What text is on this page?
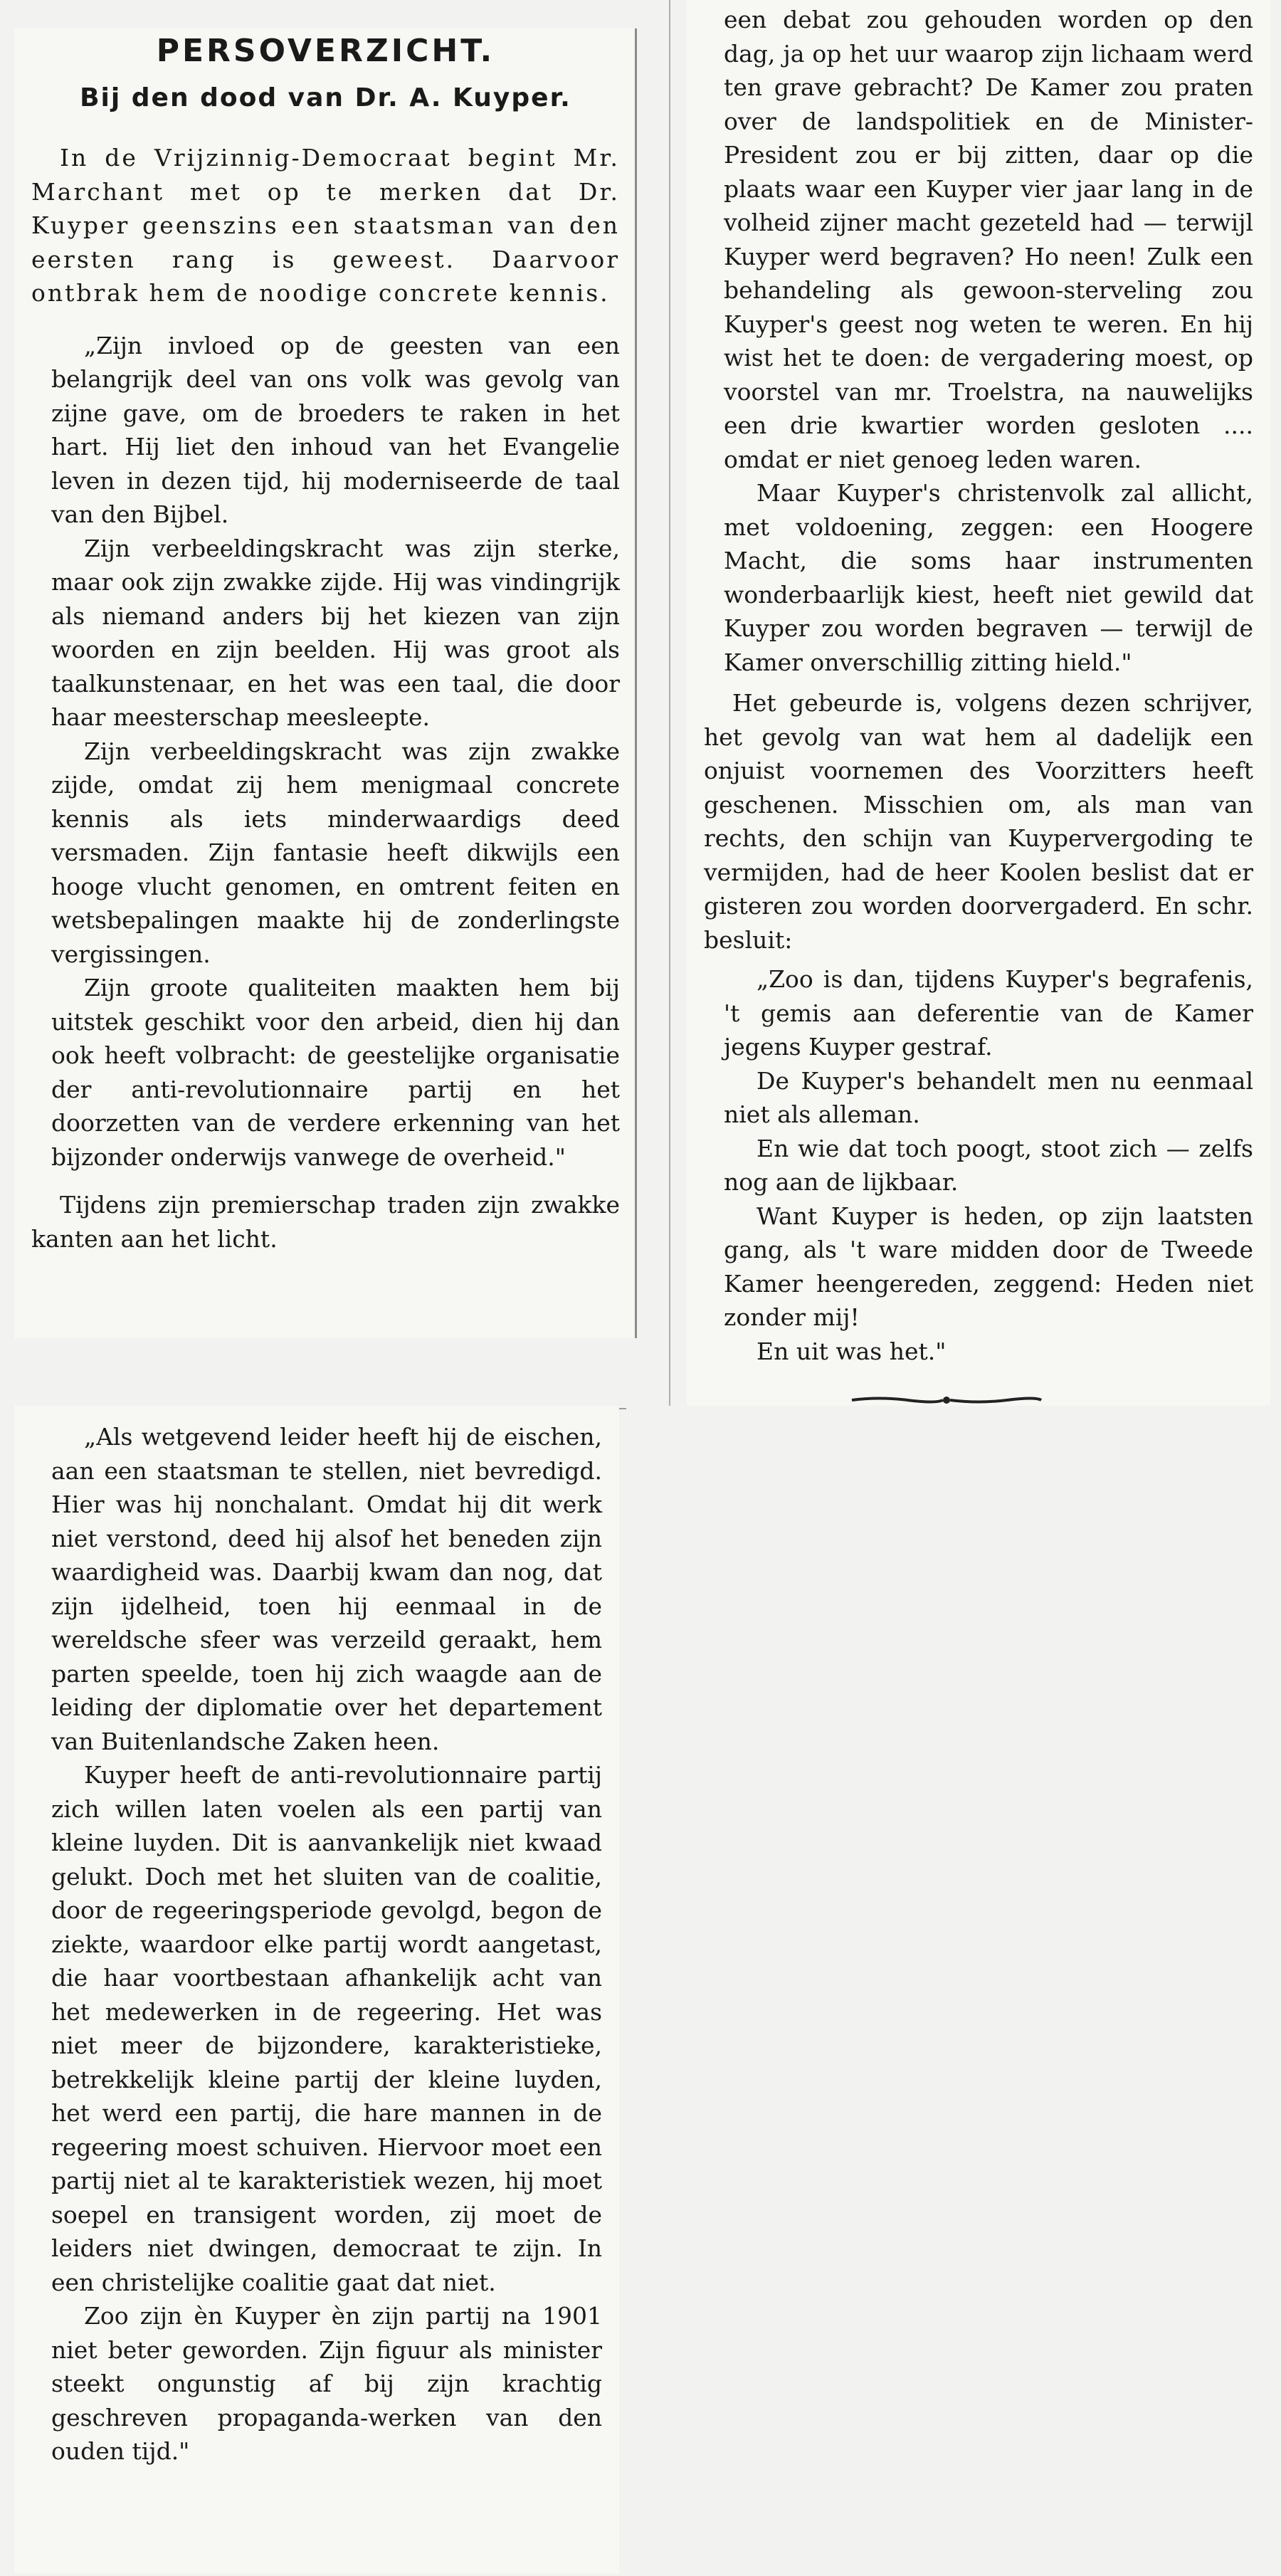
PERSOVERZICHT.
Bij den dood van Dr. A. Kuyper.

In de Vrijzinnig-Democraat begint Mr. Marchant met op te merken dat Dr. Kuyper geenszins een staatsman van den eersten rang is geweest. Daarvoor ontbrak hem de noodige concrete kennis.

„Zijn invloed op de geesten van een belangrijk deel van ons volk was gevolg van zijne gave, om de broeders te raken in het hart. Hij liet den inhoud van het Evangelie leven in dezen tijd, hij moderniseerde de taal van den Bijbel.

Zijn verbeeldingskracht was zijn sterke, maar ook zijn zwakke zijde. Hij was vindingrijk als niemand anders bij het kiezen van zijn woorden en zijn beelden. Hij was groot als taalkunstenaar, en het was een taal, die door haar meesterschap meesleepte.

Zijn verbeeldingskracht was zijn zwakke zijde, omdat zij hem menigmaal concrete kennis als iets minderwaardigs deed versmaden. Zijn fantasie heeft dikwijls een hooge vlucht genomen, en omtrent feiten en wetsbepalingen maakte hij de zonderlingste vergissingen.

Zijn groote qualiteiten maakten hem bij uitstek geschikt voor den arbeid, dien hij dan ook heeft volbracht: de geestelijke organisatie der anti-revolutionnaire partij en het doorzetten van de verdere erkenning van het bijzonder onderwijs vanwege de overheid."

Tijdens zijn premierschap traden zijn zwakke kanten aan het licht.

„Als wetgevend leider heeft hij de eischen, aan een staatsman te stellen, niet bevredigd. Hier was hij nonchalant. Omdat hij dit werk niet verstond, deed hij alsof het beneden zijn waardigheid was. Daarbij kwam dan nog, dat zijn ijdelheid, toen hij eenmaal in de wereldsche sfeer was verzeild geraakt, hem parten speelde, toen hij zich waagde aan de leiding der diplomatie over het departement van Buitenlandsche Zaken heen.

Kuyper heeft de anti-revolutionnaire partij zich willen laten voelen als een partij van kleine luyden. Dit is aanvankelijk niet kwaad gelukt. Doch met het sluiten van de coalitie, door de regeeringsperiode gevolgd, begon de ziekte, waardoor elke partij wordt aangetast, die haar voortbestaan afhankelijk acht van het medewerken in de regeering. Het was niet meer de bijzondere, karakteristieke, betrekkelijk kleine partij der kleine luyden, het werd een partij, die hare mannen in de regeering moest schuiven. Hiervoor moet een partij niet al te karakteristiek wezen, hij moet soepel en transigent worden, zij moet de leiders niet dwingen, democraat te zijn. In een christelijke coalitie gaat dat niet.

Zoo zijn èn Kuyper èn zijn partij na 1901 niet beter geworden. Zijn figuur als minister steekt ongunstig af bij zijn krachtig geschreven propaganda-werken van den ouden tijd."

een debat zou gehouden worden op den dag, ja op het uur waarop zijn lichaam werd ten grave gebracht? De Kamer zou praten over de landspolitiek en de Minister-President zou er bij zitten, daar op die plaats waar een Kuyper vier jaar lang in de volheid zijner macht gezeteld had — terwijl Kuyper werd begraven? Ho neen! Zulk een behandeling als gewoon-sterveling zou Kuyper's geest nog weten te weren. En hij wist het te doen: de vergadering moest, op voorstel van mr. Troelstra, na nauwelijks een drie kwartier worden gesloten .... omdat er niet genoeg leden waren.

Maar Kuyper's christenvolk zal allicht, met voldoening, zeggen: een Hoogere Macht, die soms haar instrumenten wonderbaarlijk kiest, heeft niet gewild dat Kuyper zou worden begraven — terwijl de Kamer onverschillig zitting hield."

Het gebeurde is, volgens dezen schrijver, het gevolg van wat hem al dadelijk een onjuist voornemen des Voorzitters heeft geschenen. Misschien om, als man van rechts, den schijn van Kuypervergoding te vermijden, had de heer Koolen beslist dat er gisteren zou worden doorvergaderd. En schr. besluit:

„Zoo is dan, tijdens Kuyper's begrafenis, 't gemis aan deferentie van de Kamer jegens Kuyper gestraf.

De Kuyper's behandelt men nu eenmaal niet als alleman.

En wie dat toch poogt, stoot zich — zelfs nog aan de lijkbaar.

Want Kuyper is heden, op zijn laatsten gang, als 't ware midden door de Tweede Kamer heengereden, zeggend: Heden niet zonder mij!

En uit was het."
